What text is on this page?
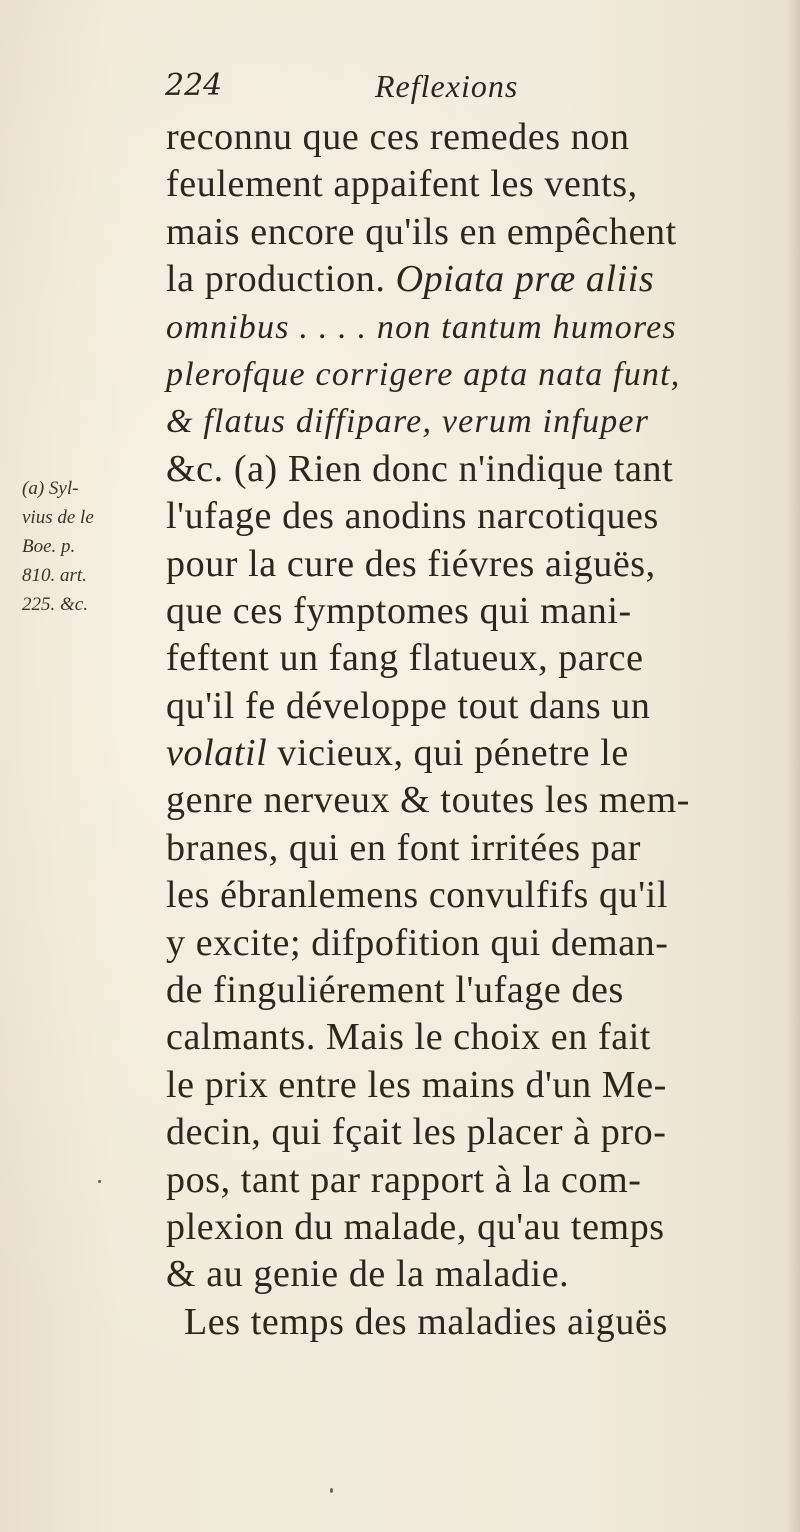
224	Reflexions
(a) Syl-
vius de le
Boe. p.
810. art.
225. &c.
reconnu que ces remedes non
feulement appaifent les vents,
mais encore qu'ils en empêchent
la production. Opiata præ aliis
omnibus . . . . non tantum humores
plerofque corrigere apta nata funt,
& flatus diffipare, verum infuper
&c. (a) Rien donc n'indique tant
l'ufage des anodins narcotiques
pour la cure des fiévres aiguës,
que ces fymptomes qui mani-
feftent un fang flatueux, parce
qu'il fe développe tout dans un
volatil vicieux, qui pénetre le
genre nerveux & toutes les mem-
branes, qui en font irritées par
les ébranlemens convulfifs qu'il
y excite; difpofition qui deman-
de finguliérement l'ufage des
calmants. Mais le choix en fait
le prix entre les mains d'un Me-
decin, qui fçait les placer à pro-
pos, tant par rapport à la com-
plexion du malade, qu'au temps
& au genie de la maladie.
Les temps des maladies aiguës
